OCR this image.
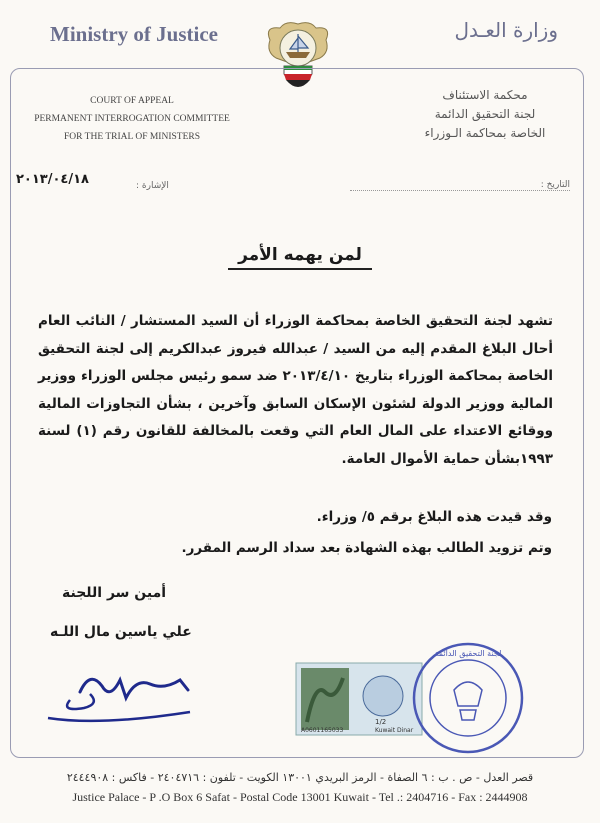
Ministry of Justice	وزارة العـدل
COURT OF APPEAL
PERMANENT INTERROGATION COMMITTEE
FOR THE TRIAL OF MINISTERS
محكمة الاستئناف
لجنة التحقيق الدائمة
الخاصة بمحاكمة الـوزراء
التاريخ :
الإشارة :
٢٠١٣/٠٤/١٨
لمن يهمه الأمر
تشهد لجنة التحقيق الخاصة بمحاكمة الوزراء أن السيد المستشار / النائب العام أحال البلاغ المقدم إليه من السيد / عبدالله فيروز عبدالكريم إلى لجنة التحقيق الخاصة بمحاكمة الوزراء بتاريخ ٢٠١٣/٤/١٠ ضد سمو رئيس مجلس الوزراء ووزير المالية ووزير الدولة لشئون الإسكان السابق وآخرين ، بشأن التجاوزات المالية ووقائع الاعتداء على المال العام التي وقعت بالمخالفة للقانون رقم (١) لسنة ١٩٩٣بشأن حماية الأموال العامة.
وقد قيدت هذه البلاغ برقم ٥/ وزراء.
وتم تزويد الطالب بهذه الشهادة بعد سداد الرسم المقرر.
أمين سر اللجنة
علي ياسين مال اللـه
A0601165033	Kuwait Dinar
1/2
لجنة التحقيق الدائمة
قصر العدل - ص . ب : ٦ الصفاة - الرمز البريدي ١٣٠٠١ الكويت - تلفون : ٢٤٠٤٧١٦ - فاكس : ٢٤٤٤٩٠٨
Justice Palace - P .O Box 6 Safat - Postal Code 13001 Kuwait - Tel .: 2404716 - Fax : 2444908
